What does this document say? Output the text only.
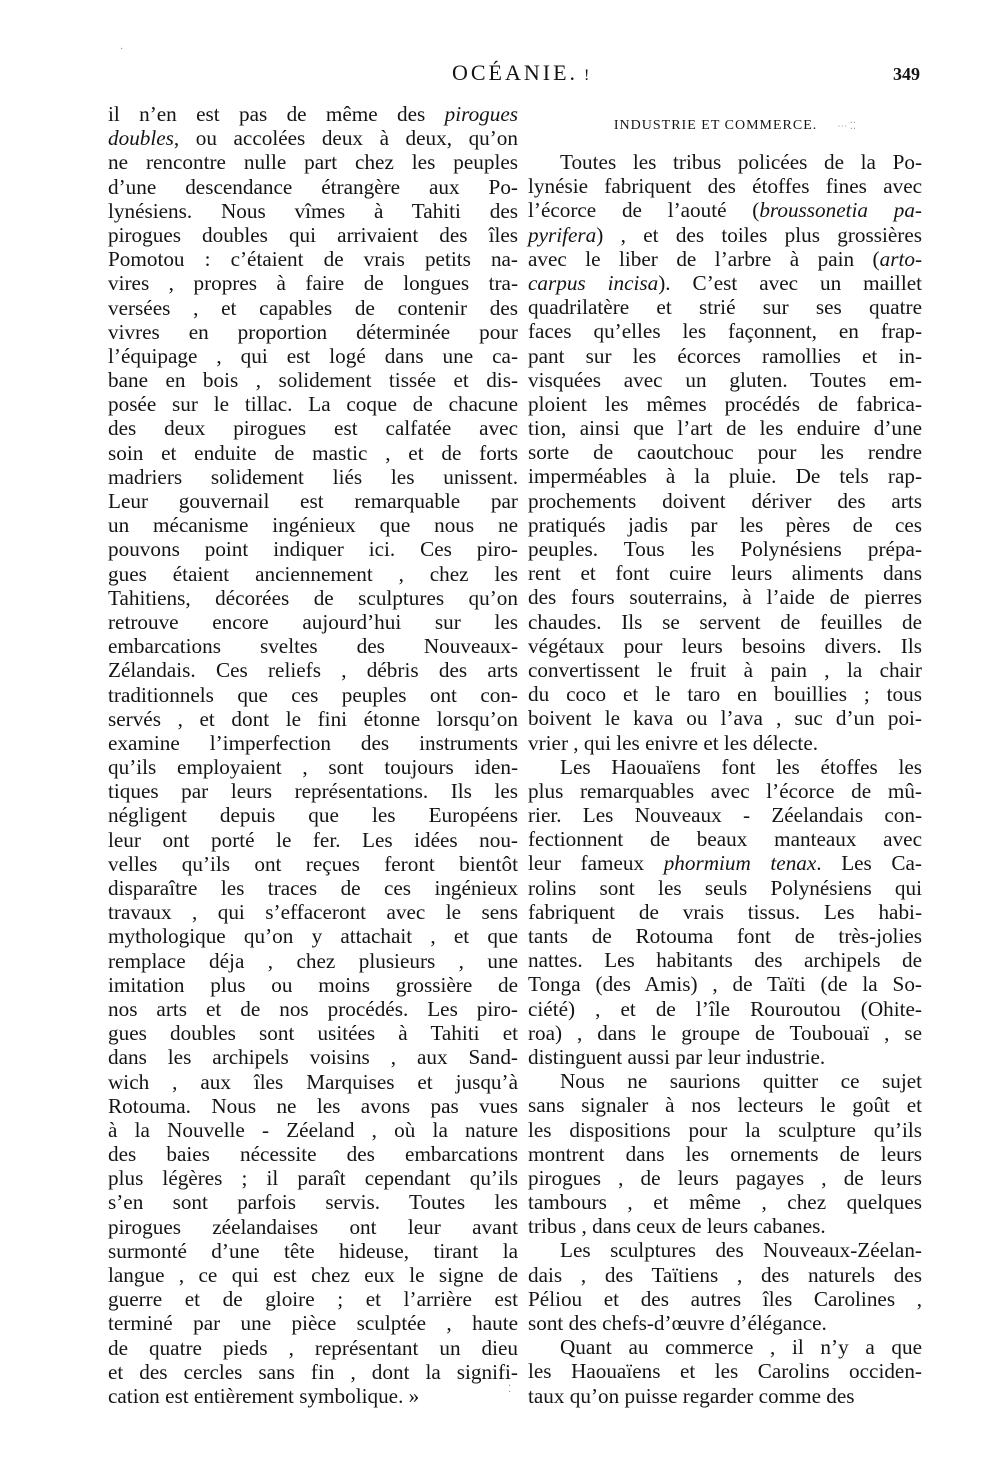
OCÉANIE. !	349
il n’en est pas de même des pirogues
doubles, ou accolées deux à deux, qu’on
ne rencontre nulle part chez les peuples
d’une descendance étrangère aux Po-
lynésiens. Nous vîmes à Tahiti des
pirogues doubles qui arrivaient des îles
Pomotou : c’étaient de vrais petits na-
vires , propres à faire de longues tra-
versées , et capables de contenir des
vivres en proportion déterminée pour
l’équipage , qui est logé dans une ca-
bane en bois , solidement tissée et dis-
posée sur le tillac. La coque de chacune
des deux pirogues est calfatée avec
soin et enduite de mastic , et de forts
madriers solidement liés les unissent.
Leur gouvernail est remarquable par
un mécanisme ingénieux que nous ne
pouvons point indiquer ici. Ces piro-
gues étaient anciennement , chez les
Tahitiens, décorées de sculptures qu’on
retrouve encore aujourd’hui sur les
embarcations sveltes des Nouveaux-
Zélandais. Ces reliefs , débris des arts
traditionnels que ces peuples ont con-
servés , et dont le fini étonne lorsqu’on
examine l’imperfection des instruments
qu’ils employaient , sont toujours iden-
tiques par leurs représentations. Ils les
négligent depuis que les Européens
leur ont porté le fer. Les idées nou-
velles qu’ils ont reçues feront bientôt
disparaître les traces de ces ingénieux
travaux , qui s’effaceront avec le sens
mythologique qu’on y attachait , et que
remplace déja , chez plusieurs , une
imitation plus ou moins grossière de
nos arts et de nos procédés. Les piro-
gues doubles sont usitées à Tahiti et
dans les archipels voisins , aux Sand-
wich , aux îles Marquises et jusqu’à
Rotouma. Nous ne les avons pas vues
à la Nouvelle - Zéeland , où la nature
des baies nécessite des embarcations
plus légères ; il paraît cependant qu’ils
s’en sont parfois servis. Toutes les
pirogues zéelandaises ont leur avant
surmonté d’une tête hideuse, tirant la
langue , ce qui est chez eux le signe de
guerre et de gloire ; et l’arrière est
terminé par une pièce sculptée , haute
de quatre pieds , représentant un dieu
et des cercles sans fin , dont la signifi-
cation est entièrement symbolique. »
INDUSTRIE ET COMMERCE. ⋯ ⁚⁚
Toutes les tribus policées de la Po-
lynésie fabriquent des étoffes fines avec
l’écorce de l’aouté (broussonetia pa-
pyrifera) , et des toiles plus grossières
avec le liber de l’arbre à pain (arto-
carpus incisa). C’est avec un maillet
quadrilatère et strié sur ses quatre
faces qu’elles les façonnent, en frap-
pant sur les écorces ramollies et in-
visquées avec un gluten. Toutes em-
ploient les mêmes procédés de fabrica-
tion, ainsi que l’art de les enduire d’une
sorte de caoutchouc pour les rendre
imperméables à la pluie. De tels rap-
prochements doivent dériver des arts
pratiqués jadis par les pères de ces
peuples. Tous les Polynésiens prépa-
rent et font cuire leurs aliments dans
des fours souterrains, à l’aide de pierres
chaudes. Ils se servent de feuilles de
végétaux pour leurs besoins divers. Ils
convertissent le fruit à pain , la chair
du coco et le taro en bouillies ; tous
boivent le kava ou l’ava , suc d’un poi-
vrier , qui les enivre et les délecte.
Les Haouaïens font les étoffes les
plus remarquables avec l’écorce de mû-
rier. Les Nouveaux - Zéelandais con-
fectionnent de beaux manteaux avec
leur fameux phormium tenax. Les Ca-
rolins sont les seuls Polynésiens qui
fabriquent de vrais tissus. Les habi-
tants de Rotouma font de très-jolies
nattes. Les habitants des archipels de
Tonga (des Amis) , de Taïti (de la So-
ciété) , et de l’île Rouroutou (Ohite-
roa) , dans le groupe de Toubouaï , se
distinguent aussi par leur industrie.
Nous ne saurions quitter ce sujet
sans signaler à nos lecteurs le goût et
les dispositions pour la sculpture qu’ils
montrent dans les ornements de leurs
pirogues , de leurs pagayes , de leurs
tambours , et même , chez quelques
tribus , dans ceux de leurs cabanes.
Les sculptures des Nouveaux-Zéelan-
dais , des Taïtiens , des naturels des
Péliou et des autres îles Carolines ,
sont des chefs-d’œuvre d’élégance.
Quant au commerce , il n’y a que
les Haouaïens et les Carolins occiden-
taux qu’on puisse regarder comme des
·
⁚
